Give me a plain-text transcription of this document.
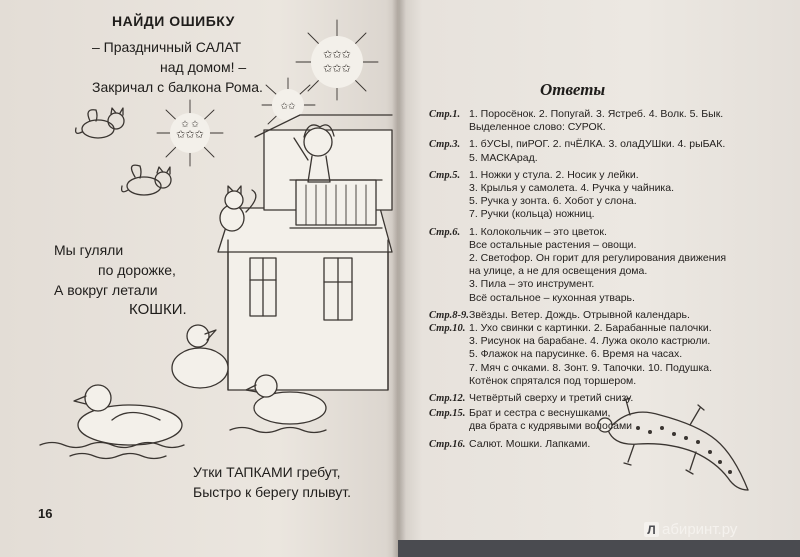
✩✩✩
✩ ✩
✩✩✩
✩✩✩
✩✩
НАЙДИ ОШИБКУ
– Праздничный САЛАТ
над домом! –
Закричал с балкона Рома.
Мы гуляли
по дорожке,
А вокруг летали
КОШКИ.
Утки ТАПКАМИ гребут,
Быстро к берегу плывут.
16
Ответы
Стр.1. 1. Поросёнок. 2. Попугай. 3. Ястреб. 4. Волк. 5. Бык.
Выделенное слово: СУРОК.
Стр.3. 1. бУСЫ, пиРОГ. 2. пчЁЛКА. 3. олаДУШки. 4. рыБАК.
5. МАСКАрад.
Стр.5. 1. Ножки у стула. 2. Носик у лейки.
3. Крылья у самолета. 4. Ручка у чайника.
5. Ручка у зонта. 6. Хобот у слона.
7. Ручки (кольца) ножниц.
Стр.6. 1. Колокольчик – это цветок.
Все остальные растения – овощи.
2. Светофор. Он горит для регулирования движения
на улице, а не для освещения дома.
3. Пила – это инструмент.
Всё остальное – кухонная утварь.
Стр.8-9. Звёзды. Ветер. Дождь. Отрывной календарь.
Стр.10. 1. Ухо свинки с картинки. 2. Барабанные палочки.
3. Рисунок на барабане. 4. Лужа около кастрюли.
5. Флажок на парусинке. 6. Время на часах.
7. Мяч с очками. 8. Зонт. 9. Тапочки. 10. Подушка.
Котёнок спрятался под торшером.
Стр.12. Четвёртый сверху и третий снизу.
Стр.15. Брат и сестра с веснушками,
два брата с кудрявыми волосами
Стр.16. Салют. Мошки. Лапками.
Л абиринт.ру
